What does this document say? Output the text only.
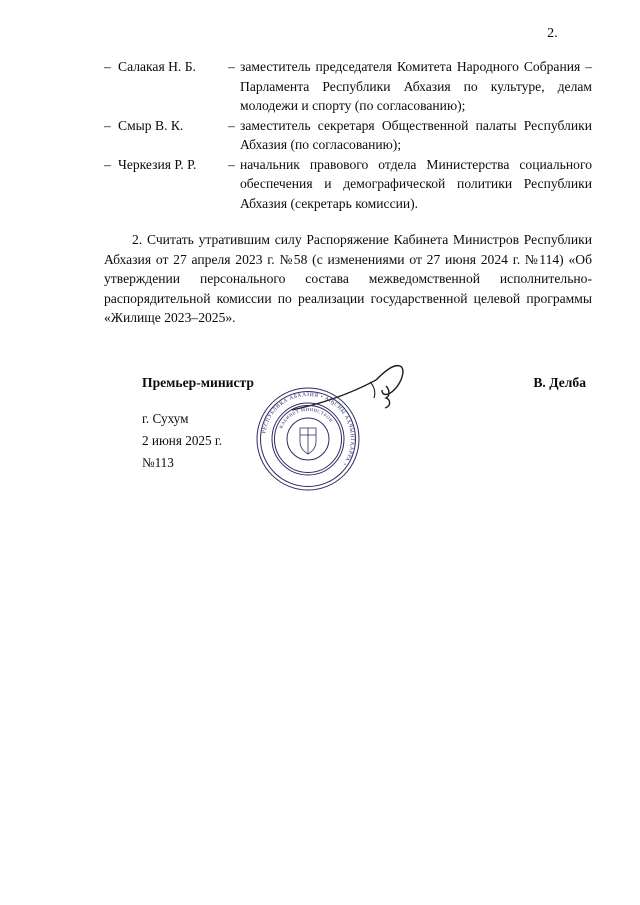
2.
– Салакая Н. Б.	– заместитель председателя Комитета Народного Собрания – Парламента Республики Абхазия по культуре, делам молодежи и спорту (по согласованию);
– Смыр В. К.	– заместитель секретаря Общественной палаты Республики Абхазия (по согласованию);
– Черкезия Р. Р.	– начальник правового отдела Министерства социального обеспечения и демографической политики Республики Абхазия (секретарь комиссии).

2. Считать утратившим силу Распоряжение Кабинета Министров Республики Абхазия от 27 апреля 2023 г. №58 (с изменениями от 27 июня 2024 г. №114) «Об утверждении персонального состава межведомственной исполнительно-распорядительной комиссии по реализации государственной целевой программы «Жилище 2023–2025».

Премьер-министр	В. Делба
г. Сухум
2 июня 2025 г.
№113
РЕСПУБЛИКА АБХАЗИЯ • АҦСНЫ АҲӴЫНТҚАРРА •
КАБИНЕТ МИНИСТРОВ
